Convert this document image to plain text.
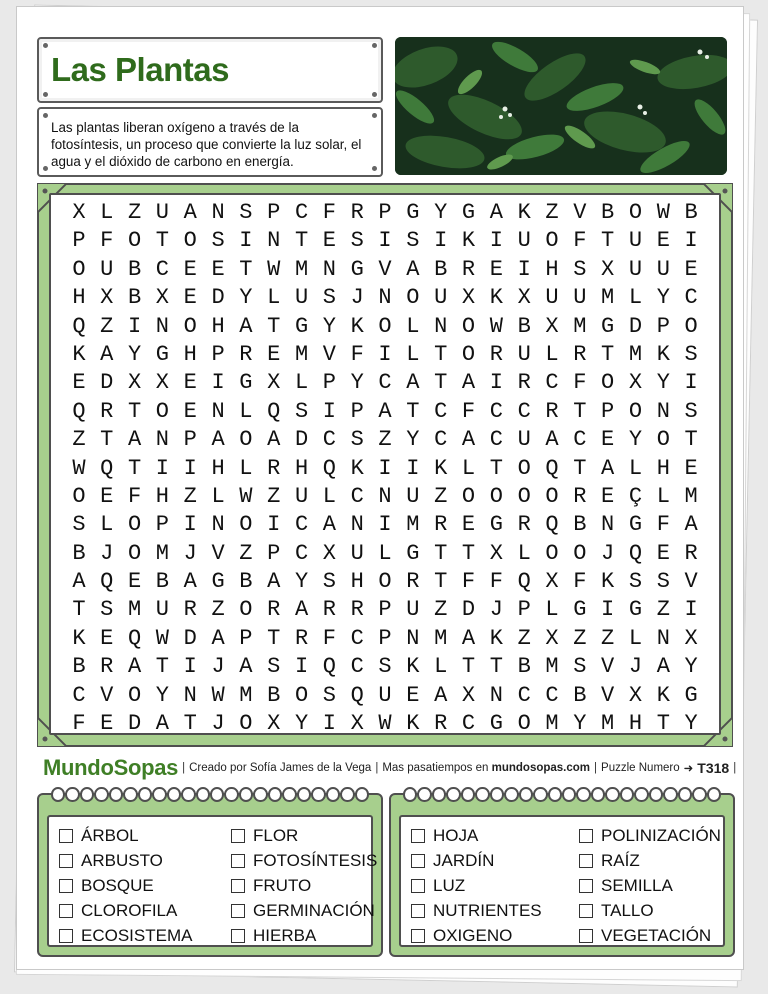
Las Plantas
Las plantas liberan oxígeno a través de la fotosíntesis, un proceso que convierte la luz solar, el agua y el dióxido de carbono en energía.
X L Z U A N S P C F R P G Y G A K Z V B O W B
P F O T O S I N T E S I S I K I U O F T U E I
O U B C E E T W M N G V A B R E I H S X U U E
H X B X E D Y L U S J N O U X K X U U M L Y C
Q Z I N O H A T G Y K O L N O W B X M G D P O
K A Y G H P R E M V F I L T O R U L R T M K S
E D X X E I G X L P Y C A T A I R C F O X Y I
Q R T O E N L Q S I P A T C F C C R T P O N S
Z T A N P A O A D C S Z Y C A C U A C E Y O T
W Q T I I H L R H Q K I I K L T O Q T A L H E
O E F H Z L W Z U L C N U Z O O O O R E Ç L M
S L O P I N O I C A N I M R E G R Q B N G F A
B J O M J V Z P C X U L G T T X L O O J Q E R
A Q E B A G B A Y S H O R T F F Q X F K S S V
T S M U R Z O R A R R P U Z D J P L G I G Z I
K E Q W D A P T R F C P N M A K Z X Z Z L N X
B R A T I J A S I Q C S K L T T B M S V J A Y
C V O Y N W M B O S Q U E A X N C C B V X K G
F E D A T J O X Y I X W K R C G O M Y M H T Y
MundoSopas | Creado por Sofía James de la Vega | Mas pasatiempos en mundosopas.com | Puzzle Numero ➜ T318 |
ÁRBOL
ARBUSTO
BOSQUE
CLOROFILA
ECOSISTEMA
FLOR
FOTOSÍNTESIS
FRUTO
GERMINACIÓN
HIERBA
HOJA
JARDÍN
LUZ
NUTRIENTES
OXIGENO
POLINIZACIÓN
RAÍZ
SEMILLA
TALLO
VEGETACIÓN
